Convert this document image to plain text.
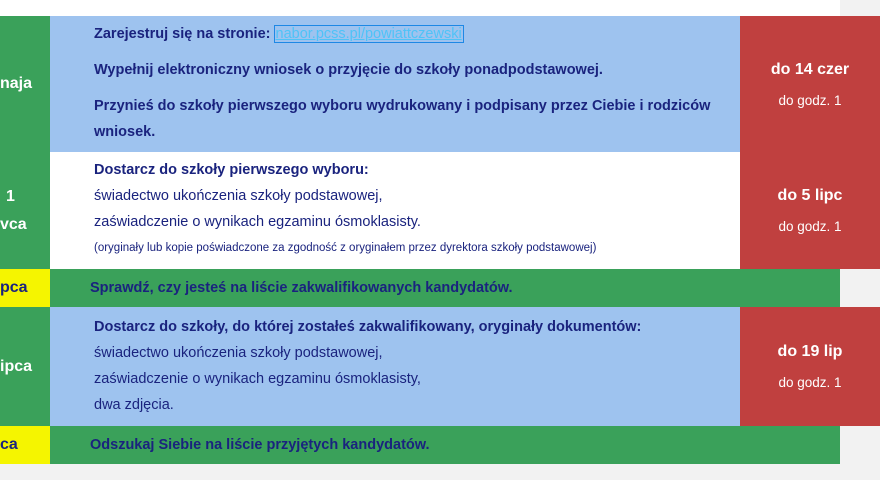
naja
Zarejestruj się na stronie: nabor.pcss.pl/powiattczewski
Wypełnij elektroniczny wniosek o przyjęcie do szkoły ponadpodstawowej.
Przynieś do szkoły pierwszego wyboru wydrukowany i podpisany przez Ciebie i rodziców
wniosek.
do 14 czer
do godz. 1
1
vca
Dostarcz do szkoły pierwszego wyboru:
świadectwo ukończenia szkoły podstawowej,
zaświadczenie o wynikach egzaminu ósmoklasisty.
(oryginały lub kopie poświadczone za zgodność z oryginałem przez dyrektora szkoły podstawowej)
do 5 lipc
do godz. 1
pca	Sprawdź, czy jesteś na liście zakwalifikowanych kandydatów.
ipca
Dostarcz do szkoły, do której zostałeś zakwalifikowany, oryginały dokumentów:
świadectwo ukończenia szkoły podstawowej,
zaświadczenie o wynikach egzaminu ósmoklasisty,
dwa zdjęcia.
do 19 lip
do godz. 1
ca	Odszukaj Siebie na liście przyjętych kandydatów.
